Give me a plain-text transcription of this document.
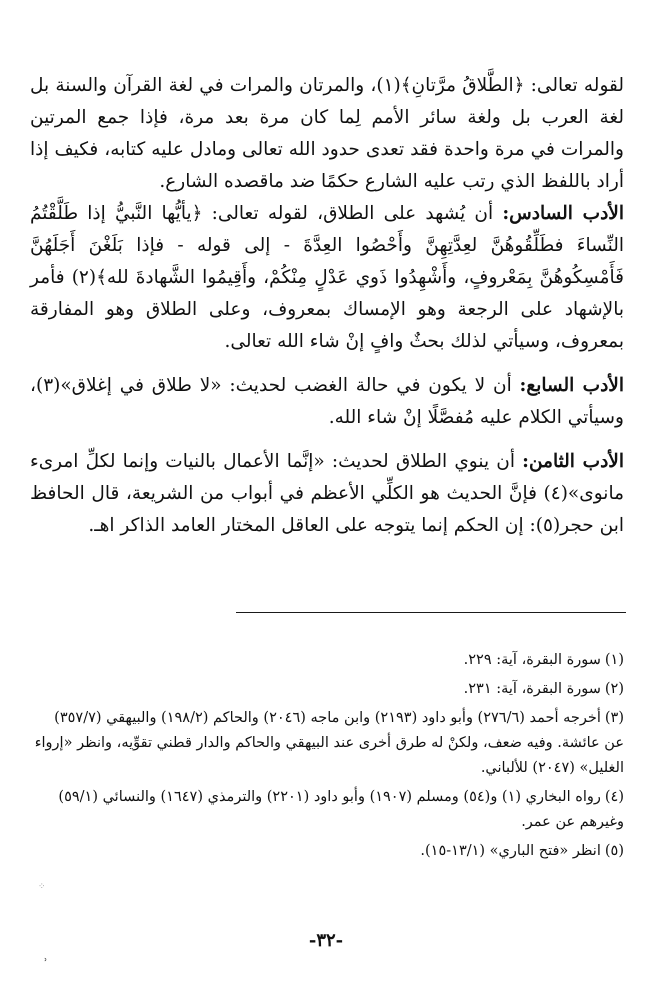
لقوله تعالى: ﴿الطَّلاقُ مرَّتانِ﴾(١)، والمرتان والمرات في لغة القرآن والسنة بل لغة العرب بل ولغة سائر الأمم لِما كان مرة بعد مرة، فإذا جمع المرتين والمرات في مرة واحدة فقد تعدى حدود الله تعالى ومادل عليه كتابه، فكيف إذا أراد باللفظ الذي رتب عليه الشارع حكمًا ضد ماقصده الشارع.

الأدب السادس: أن يُشهد على الطلاق، لقوله تعالى: ﴿يأيُّها النَّبيُّ إذا طَلَّقْتُمُ النِّساءَ فطَلِّقُوهُنَّ لعِدَّتِهِنَّ وأَحْصُوا العِدَّةَ - إلى قوله - فإذا بَلَغْنَ أَجَلَهُنَّ فَأَمْسِكُوهُنَّ بِمَعْروفٍ، وأَشْهِدُوا ذَوي عَدْلٍ مِنْكُمْ، وأَقِيمُوا الشَّهادةَ لله﴾(٢) فأمر بالإشهاد على الرجعة وهو الإمساك بمعروف، وعلى الطلاق وهو المفارقة بمعروف، وسيأتي لذلك بحثٌ وافٍ إنْ شاء الله تعالى.

الأدب السابع: أن لا يكون في حالة الغضب لحديث: «لا طلاق في إغلاق»(٣)، وسيأتي الكلام عليه مُفصَّلًا إنْ شاء الله.

الأدب الثامن: أن ينوي الطلاق لحديث: «إنَّما الأعمال بالنيات وإنما لكلِّ امرىء مانوى»(٤) فإنَّ الحديث هو الكلِّي الأعظم في أبواب من الشريعة، قال الحافظ ابن حجر(٥): إن الحكم إنما يتوجه على العاقل المختار العامد الذاكر اهـ.

(١)سورة البقرة، آية: ٢٢٩.

(٢)سورة البقرة، آية: ٢٣١.

(٣)أخرجه أحمد (٢٧٦/٦) وأبو داود (٢١٩٣) وابن ماجه (٢٠٤٦) والحاكم (١٩٨/٢) والبيهقي (٣٥٧/٧) عن عائشة. وفيه ضعف، ولكنْ له طرق أخرى عند البيهقي والحاكم والدار قطني تقوِّيه، وانظر «إرواء الغليل» (٢٠٤٧) للألباني.

(٤)رواه البخاري (١) و(٥٤) ومسلم (١٩٠٧) وأبو داود (٢٢٠١) والترمذي (١٦٤٧) والنسائي (٥٩/١) وغيرهم عن عمر.

(٥)انظر «فتح الباري» (١٣/١-١٥).

⁘
-٣٢-
ʾ
